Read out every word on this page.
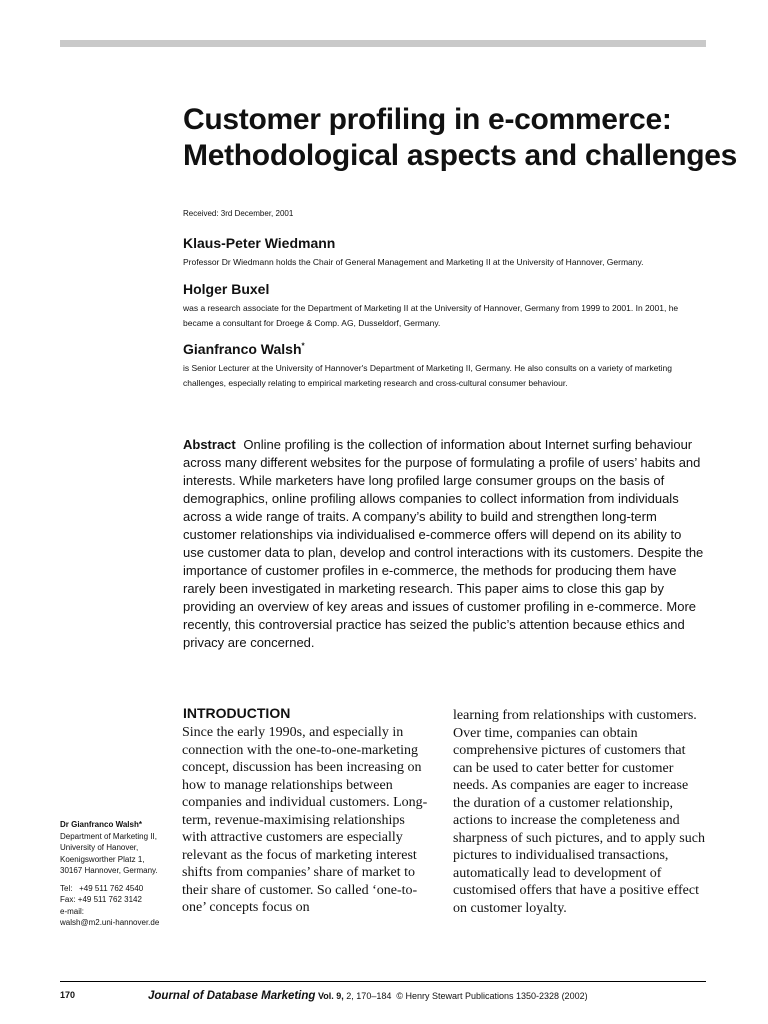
Customer profiling in e-commerce: Methodological aspects and challenges
Received: 3rd December, 2001
Klaus-Peter Wiedmann
Professor Dr Wiedmann holds the Chair of General Management and Marketing II at the University of Hannover, Germany.
Holger Buxel
was a research associate for the Department of Marketing II at the University of Hannover, Germany from 1999 to 2001. In 2001, he became a consultant for Droege & Comp. AG, Dusseldorf, Germany.
Gianfranco Walsh*
is Senior Lecturer at the University of Hannover's Department of Marketing II, Germany. He also consults on a variety of marketing challenges, especially relating to empirical marketing research and cross-cultural consumer behaviour.

Abstract Online profiling is the collection of information about Internet surfing behaviour across many different websites for the purpose of formulating a profile of users’ habits and interests. While marketers have long profiled large consumer groups on the basis of demographics, online profiling allows companies to collect information from individuals across a wide range of traits. A company’s ability to build and strengthen long-term customer relationships via individualised e-commerce offers will depend on its ability to use customer data to plan, develop and control interactions with its customers. Despite the importance of customer profiles in e-commerce, the methods for producing them have rarely been investigated in marketing research. This paper aims to close this gap by providing an overview of key areas and issues of customer profiling in e-commerce. More recently, this controversial practice has seized the public’s attention because ethics and privacy are concerned.

INTRODUCTION

Since the early 1990s, and especially in connection with the one-to-one-marketing concept, discussion has been increasing on how to manage relationships between companies and individual customers. Long-term, revenue-maximising relationships with attractive customers are especially relevant as the focus of marketing interest shifts from companies’ share of market to their share of customer. So called ‘one-to-one’ concepts focus on

learning from relationships with customers. Over time, companies can obtain comprehensive pictures of customers that can be used to cater better for customer needs. As companies are eager to increase the duration of a customer relationship, actions to increase the completeness and sharpness of such pictures, and to apply such pictures to individualised transactions, automatically lead to development of customised offers that have a positive effect on customer loyalty.

Dr Gianfranco Walsh*
Department of Marketing II,
University of Hanover,
Koenigsworther Platz 1,
30167 Hannover, Germany.
Tel:   +49 511 762 4540
Fax: +49 511 762 3142
e-mail:
walsh@m2.uni-hannover.de
170	Journal of Database Marketing Vol. 9, 2, 170–184  © Henry Stewart Publications 1350-2328 (2002)
